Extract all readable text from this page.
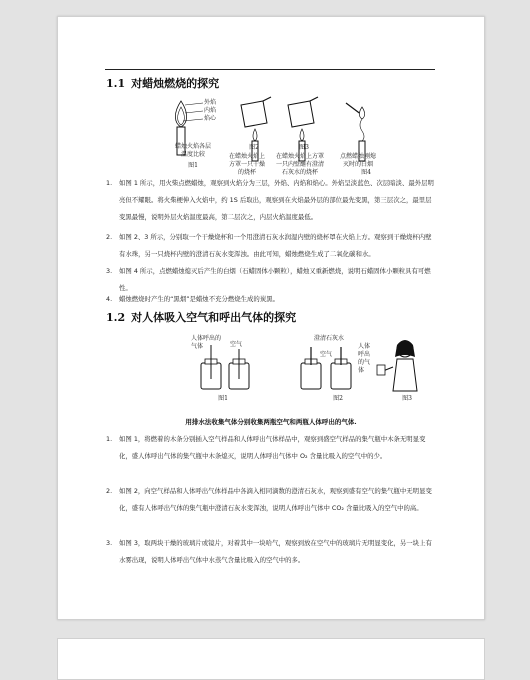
1.1 对蜡烛燃烧的探究
外焰
内焰
焰心
蜡烛火焰各层温度比较
图1
在蜡烛火焰上方罩一只干燥的烧杯
图2
在蜡烛火焰上方罩一只内壁蘸有澄清石灰水的烧杯
图3
点燃蜡烛刚熄灭时的白烟
图4
1.	如图 1 所示，用火柴点燃蜡烛，观察到火焰分为三层，外焰、内焰和焰心。外焰呈淡蓝色、次层暗淡、最外层明亮但不耀眼。将火柴梗伸入火焰中，约 1S 后取出，观察到在火焰最外层的部位最先变黑，第三层次之，最里层变黑最慢，说明外层火焰温度最高，第二层次之，内层火焰温度最低。
2.	如图 2、3 所示，分别取一个干燥烧杯和一个用澄清石灰水润湿内壁的烧杯罩在火焰上方。观察到干燥烧杯内壁有水珠，另一只烧杯内壁的澄清石灰水变浑浊。由此可知，蜡烛燃烧生成了二氧化碳和水。
3.	如图 4 所示，点燃蜡烛熄灭后产生的白烟（石蜡固体小颗粒），蜡烛又重新燃烧，说明石蜡固体小颗粒具有可燃性。
4.	蜡烛燃烧时产生的“黑烟”是蜡烛不充分燃烧生成的炭黑。
1.2 对人体吸入空气和呼出气体的探究
人体呼出的气体	空气
澄清石灰水
空气
人体呼出的气体
图1	图2	图3
用排水法收集气体分别收集两瓶空气和两瓶人体呼出的气体.
1.	如图 1，将燃着的木条分别插入空气样品和人体呼出气体样品中，观察到盛空气样品的集气瓶中木条无明显变化，盛人体呼出气体的集气瓶中木条熄灭，说明人体呼出气体中 O₂ 含量比吸入的空气中的少。
2.	如图 2，向空气样品和人体呼出气体样品中各滴入相同滴数的澄清石灰水，观察到盛有空气的集气瓶中无明显变化，盛有人体呼出气体的集气瓶中澄清石灰水变浑浊，说明人体呼出气体中 CO₂ 含量比吸入的空气中的高。
3.	如图 3，取两块干燥的玻璃片或镜片，对着其中一块哈气，观察到放在空气中的玻璃片无明显变化，另一块上有水雾出现，说明人体呼出气体中水蒸气含量比吸入的空气中的多。
